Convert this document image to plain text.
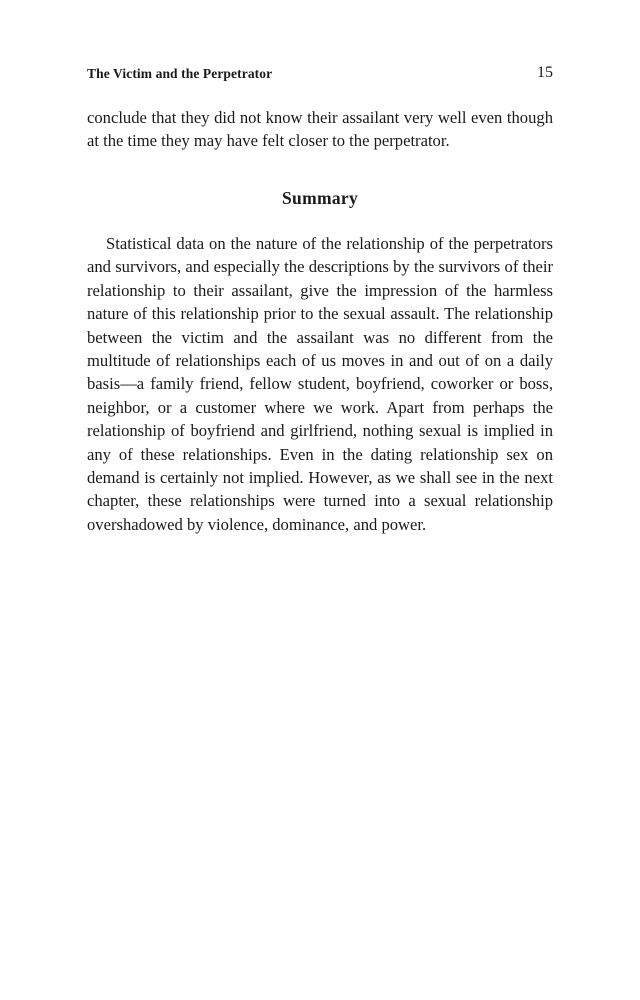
The Victim and the Perpetrator	15

conclude that they did not know their assailant very well even though at the time they may have felt closer to the perpetrator.

Summary

Statistical data on the nature of the relationship of the perpetrators and survivors, and especially the descriptions by the survivors of their relationship to their assailant, give the impression of the harmless nature of this relationship prior to the sexual assault. The relationship between the victim and the assailant was no different from the multitude of relationships each of us moves in and out of on a daily basis—a family friend, fellow student, boyfriend, coworker or boss, neighbor, or a customer where we work. Apart from perhaps the relationship of boyfriend and girlfriend, nothing sexual is implied in any of these relationships. Even in the dating relationship sex on demand is certainly not implied. However, as we shall see in the next chapter, these relationships were turned into a sexual relationship overshadowed by violence, dominance, and power.
